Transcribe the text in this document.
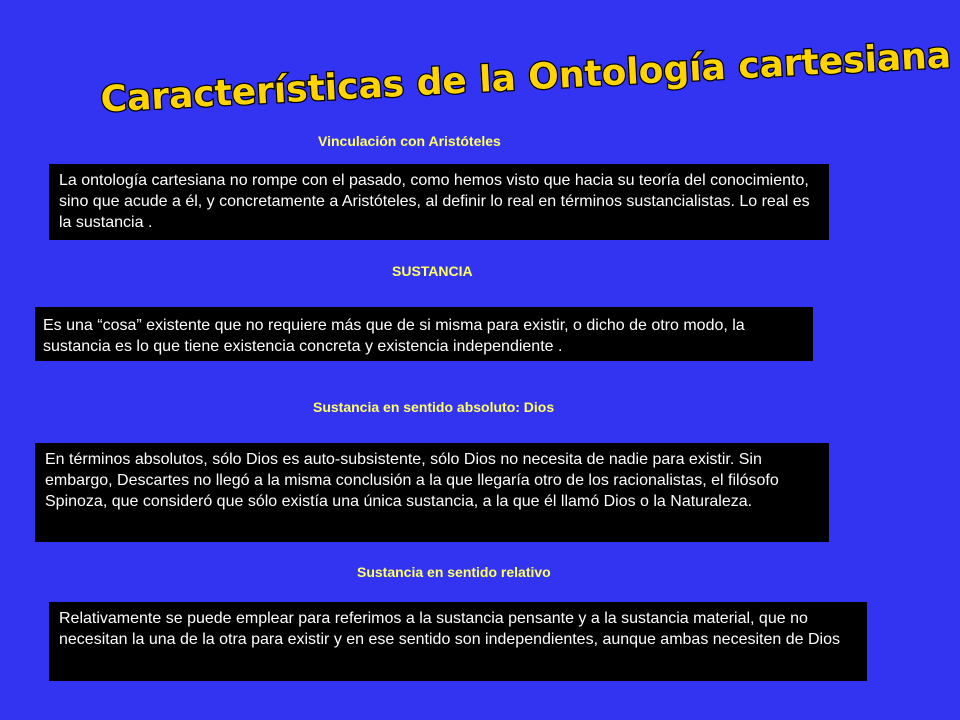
Características de la Ontología cartesiana
Vinculación con Aristóteles
La ontología cartesiana no rompe con el pasado, como hemos visto que hacia su teoría del conocimiento, sino que acude a él, y concretamente a Aristóteles, al definir lo real en términos sustancialistas. Lo real es la sustancia .
SUSTANCIA
Es una “cosa” existente que no requiere más que de si misma para existir, o dicho de otro modo, la sustancia es lo que tiene existencia concreta y existencia independiente .
Sustancia en sentido absoluto: Dios
En términos absolutos, sólo Dios es auto-subsistente, sólo Dios no necesita de nadie para existir. Sin embargo, Descartes no llegó a la misma conclusión a la que llegaría otro de los racionalistas, el filósofo Spinoza, que consideró que sólo existía una única sustancia, a la que él llamó Dios o la Naturaleza.
Sustancia en sentido relativo
Relativamente se puede emplear para referimos a la sustancia pensante y a la sustancia material, que no necesitan la una de la otra para existir y en ese sentido son independientes, aunque ambas necesiten de Dios
